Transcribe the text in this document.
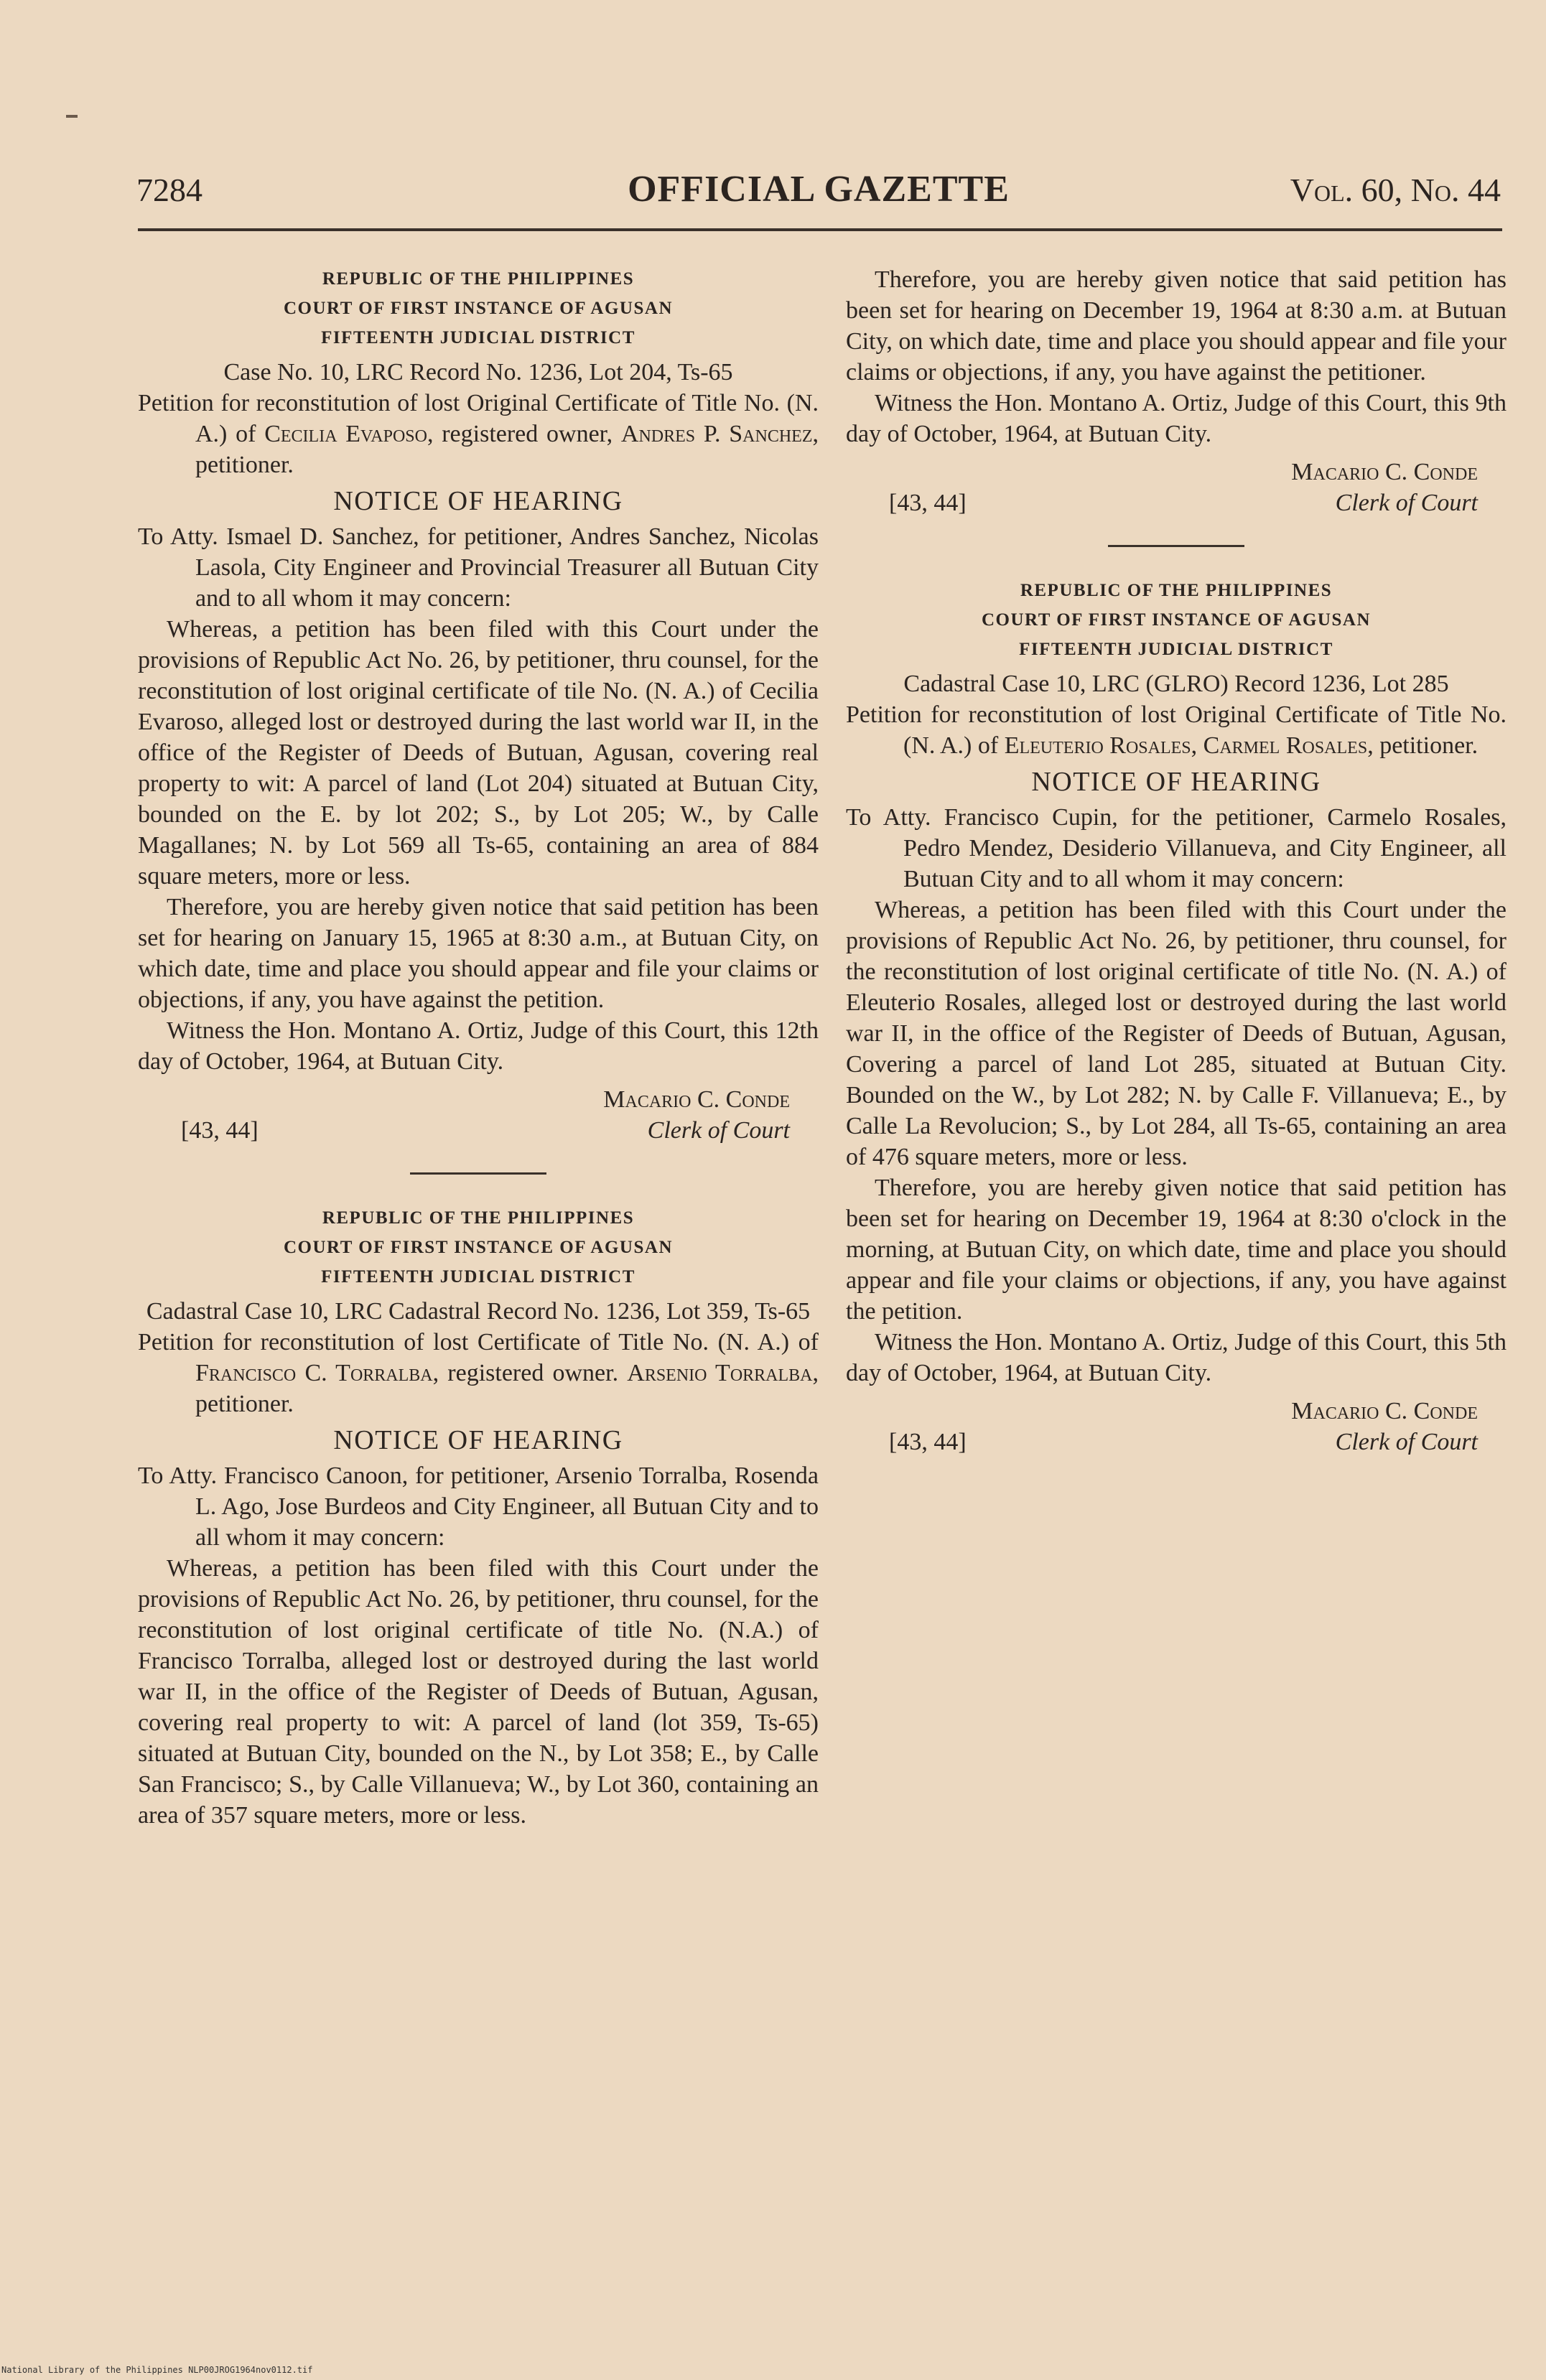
7284	OFFICIAL GAZETTE	Vol. 60, No. 44
REPUBLIC OF THE PHILIPPINES
COURT OF FIRST INSTANCE OF AGUSAN
FIFTEENTH JUDICIAL DISTRICT
Case No. 10, LRC Record No. 1236, Lot 204, Ts-65

Petition for reconstitution of lost Original Certificate of Title No. (N. A.) of Cecilia Evaposo, registered owner, Andres P. Sanchez, petitioner.

NOTICE OF HEARING

To Atty. Ismael D. Sanchez, for petitioner, Andres Sanchez, Nicolas Lasola, City Engineer and Provincial Treasurer all Butuan City and to all whom it may concern:

Whereas, a petition has been filed with this Court under the provisions of Republic Act No. 26, by petitioner, thru counsel, for the reconstitution of lost original certificate of tile No. (N. A.) of Cecilia Evaroso, alleged lost or destroyed during the last world war II, in the office of the Register of Deeds of Butuan, Agusan, covering real property to wit: A parcel of land (Lot 204) situated at Butuan City, bounded on the E. by lot 202; S., by Lot 205; W., by Calle Magallanes; N. by Lot 569 all Ts-65, containing an area of 884 square meters, more or less.

Therefore, you are hereby given notice that said petition has been set for hearing on January 15, 1965 at 8:30 a.m., at Butuan City, on which date, time and place you should appear and file your claims or objections, if any, you have against the petition.

Witness the Hon. Montano A. Ortiz, Judge of this Court, this 12th day of October, 1964, at Butuan City.

Macario C. Conde
[43, 44]	Clerk of Court
REPUBLIC OF THE PHILIPPINES
COURT OF FIRST INSTANCE OF AGUSAN
FIFTEENTH JUDICIAL DISTRICT
Cadastral Case 10, LRC Cadastral Record No. 1236, Lot 359, Ts-65

Petition for reconstitution of lost Certificate of Title No. (N. A.) of Francisco C. Torralba, registered owner. Arsenio Torralba, petitioner.

NOTICE OF HEARING

To Atty. Francisco Canoon, for petitioner, Arsenio Torralba, Rosenda L. Ago, Jose Burdeos and City Engineer, all Butuan City and to all whom it may concern:

Whereas, a petition has been filed with this Court under the provisions of Republic Act No. 26, by petitioner, thru counsel, for the reconstitution of lost original certificate of title No. (N.A.) of Francisco Torralba, alleged lost or destroyed during the last world war II, in the office of the Register of Deeds of Butuan, Agusan, covering real property to wit: A parcel of land (lot 359, Ts-65) situated at Butuan City, bounded on the N., by Lot 358; E., by Calle San Francisco; S., by Calle Villanueva; W., by Lot 360, containing an area of 357 square meters, more or less.

Therefore, you are hereby given notice that said petition has been set for hearing on December 19, 1964 at 8:30 a.m. at Butuan City, on which date, time and place you should appear and file your claims or objections, if any, you have against the petitioner.

Witness the Hon. Montano A. Ortiz, Judge of this Court, this 9th day of October, 1964, at Butuan City.

Macario C. Conde
[43, 44]	Clerk of Court
REPUBLIC OF THE PHILIPPINES
COURT OF FIRST INSTANCE OF AGUSAN
FIFTEENTH JUDICIAL DISTRICT
Cadastral Case 10, LRC (GLRO) Record 1236, Lot 285

Petition for reconstitution of lost Original Certificate of Title No. (N. A.) of Eleuterio Rosales, Carmel Rosales, petitioner.

NOTICE OF HEARING

To Atty. Francisco Cupin, for the petitioner, Carmelo Rosales, Pedro Mendez, Desiderio Villanueva, and City Engineer, all Butuan City and to all whom it may concern:

Whereas, a petition has been filed with this Court under the provisions of Republic Act No. 26, by petitioner, thru counsel, for the reconstitution of lost original certificate of title No. (N. A.) of Eleuterio Rosales, alleged lost or destroyed during the last world war II, in the office of the Register of Deeds of Butuan, Agusan, Covering a parcel of land Lot 285, situated at Butuan City. Bounded on the W., by Lot 282; N. by Calle F. Villanueva; E., by Calle La Revolucion; S., by Lot 284, all Ts-65, containing an area of 476 square meters, more or less.

Therefore, you are hereby given notice that said petition has been set for hearing on December 19, 1964 at 8:30 o'clock in the morning, at Butuan City, on which date, time and place you should appear and file your claims or objections, if any, you have against the petition.

Witness the Hon. Montano A. Ortiz, Judge of this Court, this 5th day of October, 1964, at Butuan City.

Macario C. Conde
[43, 44]	Clerk of Court
National Library of the Philippines NLP00JROG1964nov0112.tif
